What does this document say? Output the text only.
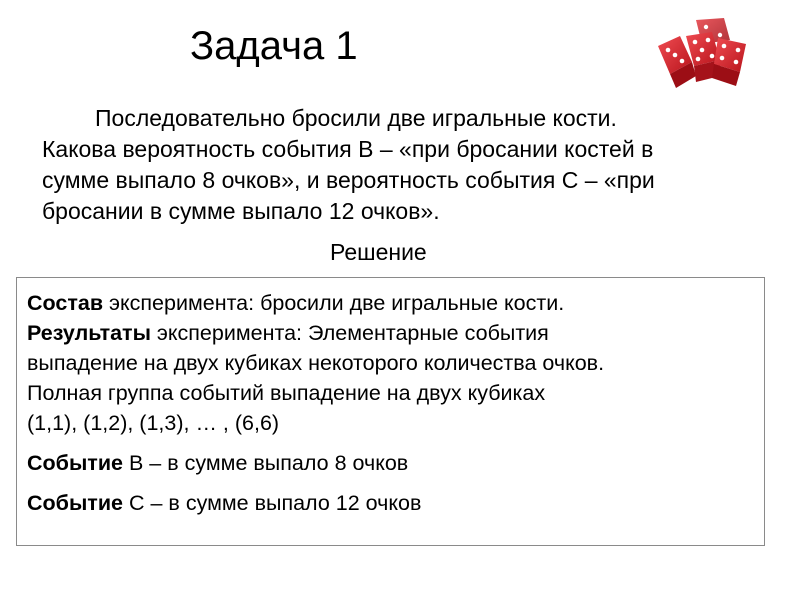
Задача 1
Последовательно бросили две игральные кости.
Какова вероятность события В – «при бросании костей в
сумме выпало 8 очков», и вероятность события С – «при
бросании в сумме выпало 12 очков».
Решение
Состав эксперимента: бросили две игральные кости.
Результаты эксперимента: Элементарные события
выпадение на двух кубиках некоторого количества очков.
Полная группа событий выпадение на двух кубиках
(1,1), (1,2), (1,3), … , (6,6)
Событие В – в сумме выпало 8 очков
Событие С – в сумме выпало 12 очков
